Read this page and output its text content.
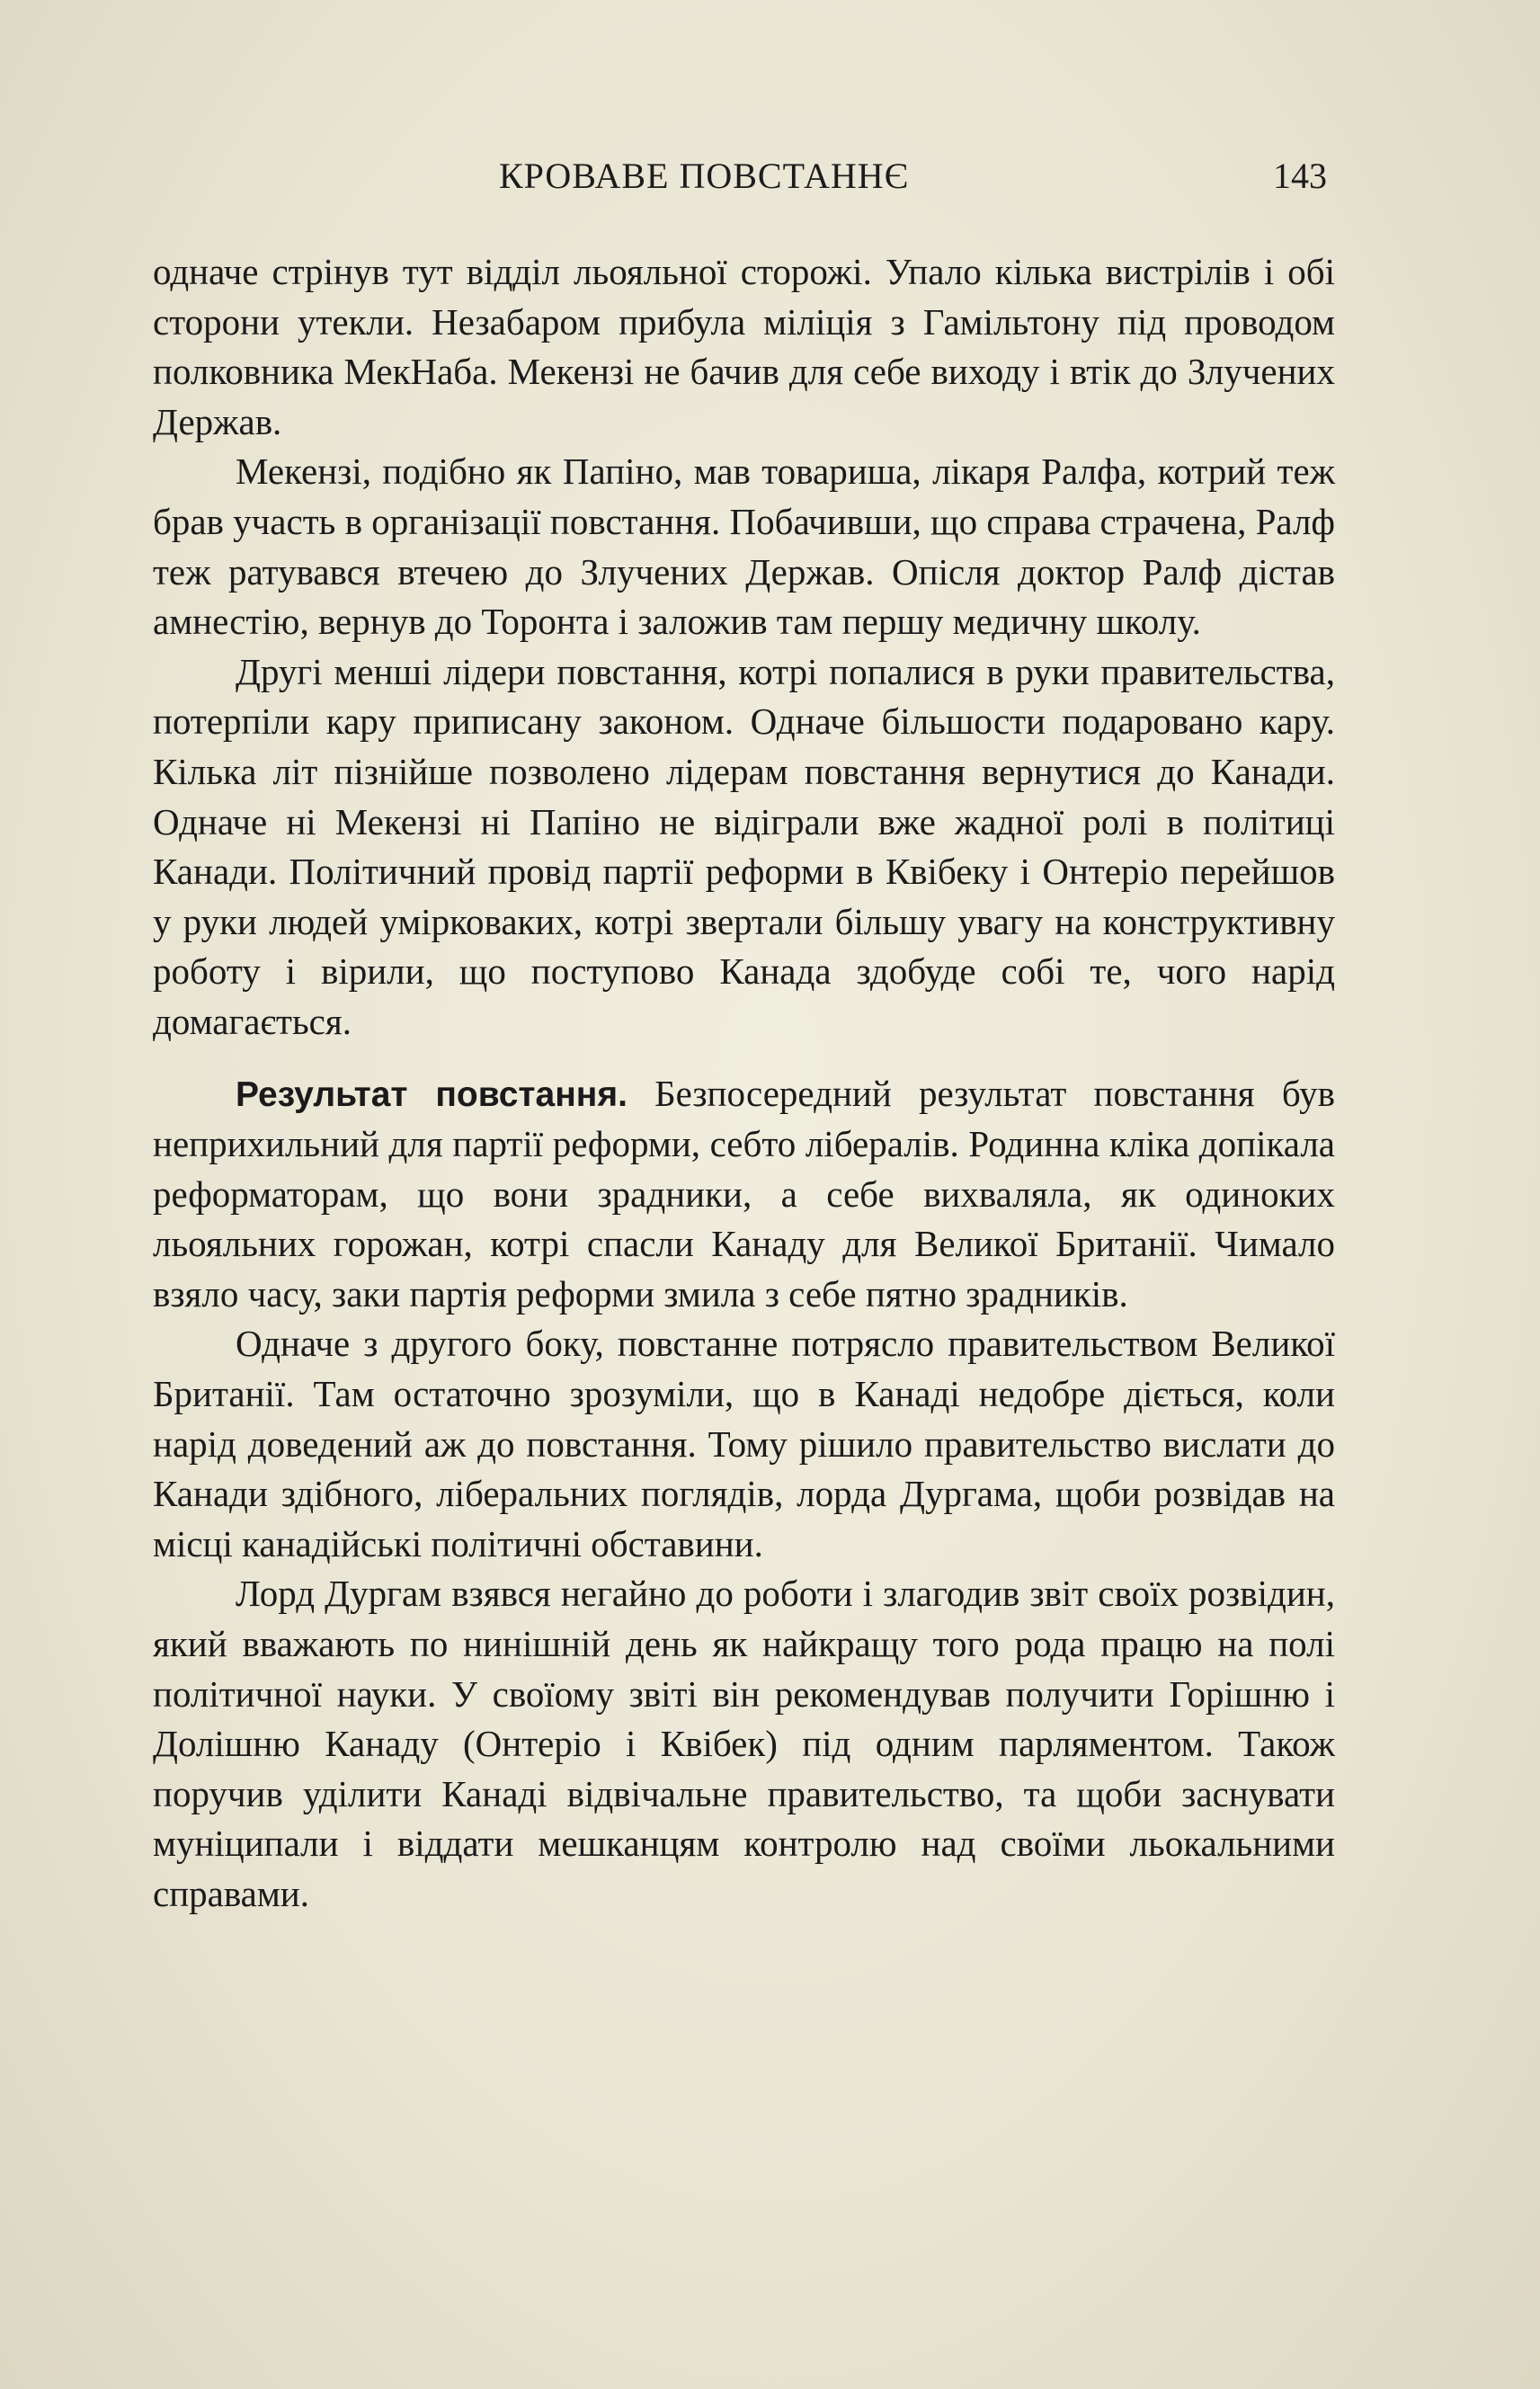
КРОВАВЕ ПОВСТАННЄ	143

одначе стрінув тут відділ льояльної сторожі. Упало кілька вистрілів і обі сторони утекли. Незабаром прибула міліція з Гамільтону під проводом полковника МекНаба. Мекензі не бачив для себе виходу і втік до Злучених Держав.

Мекензі, подібно як Папіно, мав товариша, лікаря Ралфа, котрий теж брав участь в організації повстання. Побачивши, що справа страчена, Ралф теж ратувався втечею до Злучених Держав. Опісля доктор Ралф дістав амнестію, вернув до Торонта і заложив там першу медичну школу.

Другі менші лідери повстання, котрі попалися в руки правительства, потерпіли кару приписану законом. Одначе більшости подаровано кару. Кілька літ пізнійше позволено лідерам повстання вернутися до Канади. Одначе ні Мекензі ні Папіно не відіграли вже жадної ролі в політиці Канади. Політичний провід партії реформи в Квібеку і Онтеріо перейшов у руки людей умірковаких, котрі звертали більшу увагу на конструктивну роботу і вірили, що поступово Канада здобуде собі те, чого нарід домагається.

Результат повстання. Безпосередний результат повстання був неприхильний для партії реформи, себто лібералів. Родинна кліка допікала реформаторам, що вони зрадники, а себе вихваляла, як одиноких льояльних горожан, котрі спасли Канаду для Великої Британії. Чимало взяло часу, заки партія реформи змила з себе пятно зрадників.

Одначе з другого боку, повстанне потрясло правительством Великої Британії. Там остаточно зрозуміли, що в Канаді недобре діється, коли нарід доведений аж до повстання. Тому рішило правительство вислати до Канади здібного, ліберальних поглядів, лорда Дургама, щоби розвідав на місці канадійські політичні обставини.

Лорд Дургам взявся негайно до роботи і злагодив звіт своїх розвідин, який вважають по нинішній день як найкращу того рода працю на полі політичної науки. У своїому звіті він рекомендував получити Горішню і Долішню Канаду (Онтеріо і Квібек) під одним парляментом. Також поручив уділити Канаді відвічальне правительство, та щоби заснувати муніципали і віддати мешканцям контролю над своїми льокальними справами.
